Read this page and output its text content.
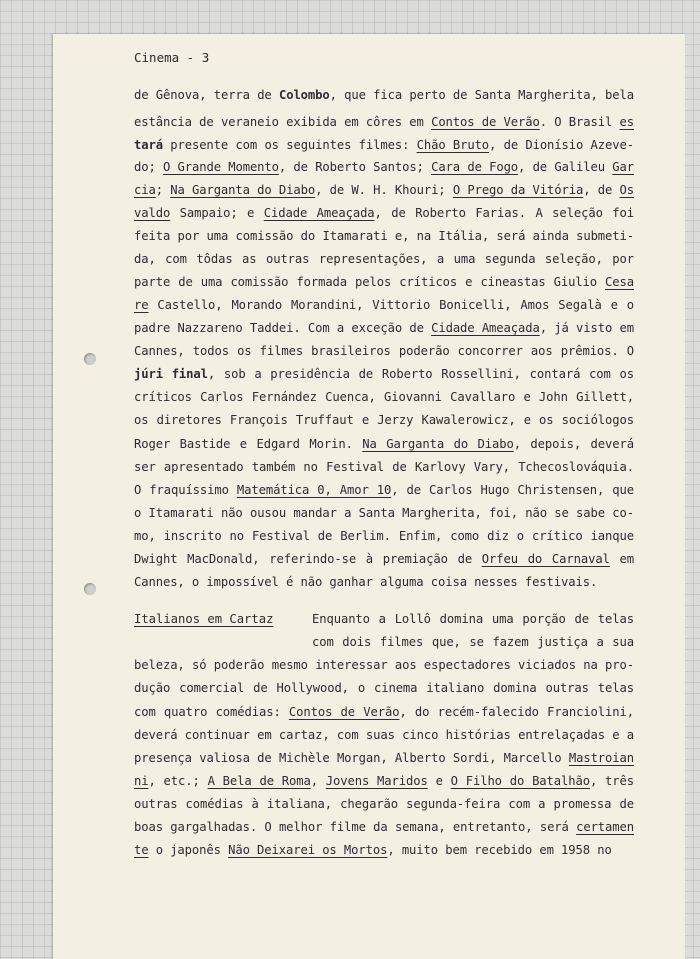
Cinema - 3
de Gênova, terra de Colombo, que fica perto de Santa Margherita, bela
estância de veraneio exibida em côres em Contos de Verão. O Brasil es
tará presente com os seguintes filmes: Chão Bruto, de Dionísio Azeve-
do; O Grande Momento, de Roberto Santos; Cara de Fogo, de Galileu Gar
cia; Na Garganta do Diabo, de W. H. Khouri; O Prego da Vitória, de Os
valdo Sampaio; e Cidade Ameaçada, de Roberto Farias. A seleção foi
feita por uma comissão do Itamarati e, na Itália, será ainda submeti-
da, com tôdas as outras representações, a uma segunda seleção, por
parte de uma comissão formada pelos críticos e cineastas Giulio Cesa
re Castello, Morando Morandini, Vittorio Bonicelli, Amos Segalà e o
padre Nazzareno Taddei. Com a exceção de Cidade Ameaçada, já visto em
Cannes, todos os filmes brasileiros poderão concorrer aos prêmios. O
júri final, sob a presidência de Roberto Rossellini, contará com os
críticos Carlos Fernández Cuenca, Giovanni Cavallaro e John Gillett,
os diretores François Truffaut e Jerzy Kawalerowicz, e os sociólogos
Roger Bastide e Edgard Morin. Na Garganta do Diabo, depois, deverá
ser apresentado também no Festival de Karlovy Vary, Tchecoslováquia.
O fraquíssimo Matemática 0, Amor 10, de Carlos Hugo Christensen, que
o Itamarati não ousou mandar a Santa Margherita, foi, não se sabe co-
mo, inscrito no Festival de Berlim. Enfim, como diz o crítico ianque
Dwight MacDonald, referindo-se à premiação de Orfeu do Carnaval em
Cannes, o impossível é não ganhar alguma coisa nesses festivais.
Enquanto a Lollô domina uma porção de telas
com dois filmes que, se fazem justiça a sua
beleza, só poderão mesmo interessar aos espectadores viciados na pro-
dução comercial de Hollywood, o cinema italiano domina outras telas
com quatro comédias: Contos de Verão, do recém-falecido Franciolini,
deverá continuar em cartaz, com suas cinco histórias entrelaçadas e a
presença valiosa de Michèle Morgan, Alberto Sordi, Marcello Mastroian
ni, etc.; A Bela de Roma, Jovens Maridos e O Filho do Batalhão, três
outras comédias à italiana, chegarão segunda-feira com a promessa de
boas gargalhadas. O melhor filme da semana, entretanto, será certamen
te o japonês Não Deixarei os Mortos, muito bem recebido em 1958 no
Italianos em Cartaz
